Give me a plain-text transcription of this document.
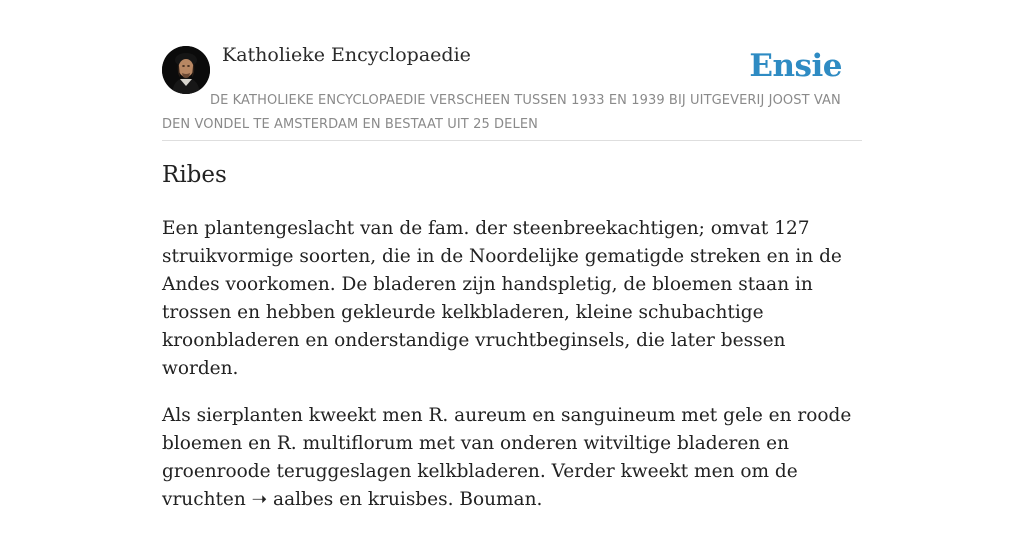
Katholieke Encyclopaedie	Ensie
DE KATHOLIEKE ENCYCLOPAEDIE VERSCHEEN TUSSEN 1933 EN 1939 BIJ UITGEVERIJ JOOST VAN DEN VONDEL TE AMSTERDAM EN BESTAAT UIT 25 DELEN
Ribes

Een plantengeslacht van de fam. der steenbreekachtigen; omvat 127 struikvormige soorten, die in de Noordelijke gematigde streken en in de Andes voorkomen. De bladeren zijn handspletig, de bloemen staan in trossen en hebben gekleurde kelkbladeren, kleine schubachtige kroonbladeren en onderstandige vruchtbeginsels, die later bessen worden.

Als sierplanten kweekt men R. aureum en sanguineum met gele en roode bloemen en R. multiflorum met van onderen witviltige bladeren en groenroode teruggeslagen kelkbladeren. Verder kweekt men om de vruchten ➝ aalbes en kruisbes. Bouman.
